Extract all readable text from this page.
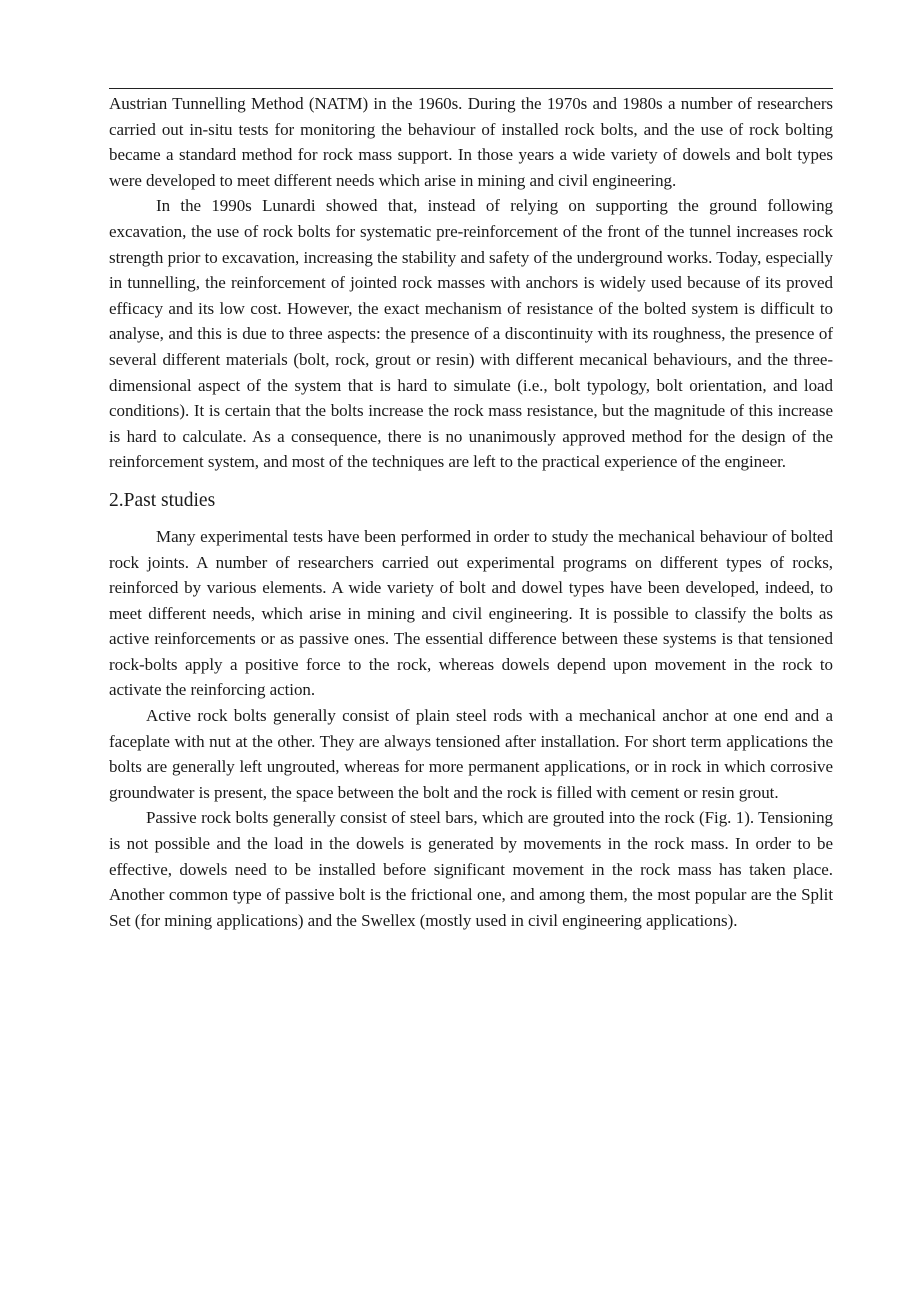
Austrian Tunnelling Method (NATM) in the 1960s. During the 1970s and 1980s a number of researchers carried out in-situ tests for monitoring the behaviour of installed rock bolts, and the use of rock bolting became a standard method for rock mass support. In those years a wide variety of dowels and bolt types were developed to meet different needs which arise in mining and civil engineering.

In the 1990s Lunardi showed that, instead of relying on supporting the ground following excavation, the use of rock bolts for systematic pre-reinforcement of the front of the tunnel increases rock strength prior to excavation, increasing the stability and safety of the underground works. Today, especially in tunnelling, the reinforcement of jointed rock masses with anchors is widely used because of its proved efficacy and its low cost. However, the exact mechanism of resistance of the bolted system is difficult to analyse, and this is due to three aspects: the presence of a discontinuity with its roughness, the presence of several different materials (bolt, rock, grout or resin) with different mecanical behaviours, and the three-dimensional aspect of the system that is hard to simulate (i.e., bolt typology, bolt orientation, and load conditions). It is certain that the bolts increase the rock mass resistance, but the magnitude of this increase is hard to calculate. As a consequence, there is no unanimously approved method for the design of the reinforcement system, and most of the techniques are left to the practical experience of the engineer.

2.Past studies

Many experimental tests have been performed in order to study the mechanical behaviour of bolted rock joints. A number of researchers carried out experimental programs on different types of rocks, reinforced by various elements. A wide variety of bolt and dowel types have been developed, indeed, to meet different needs, which arise in mining and civil engineering. It is possible to classify the bolts as active reinforcements or as passive ones. The essential difference between these systems is that tensioned rock-bolts apply a positive force to the rock, whereas dowels depend upon movement in the rock to activate the reinforcing action.

Active rock bolts generally consist of plain steel rods with a mechanical anchor at one end and a faceplate with nut at the other. They are always tensioned after installation. For short term applications the bolts are generally left ungrouted, whereas for more permanent applications, or in rock in which corrosive groundwater is present, the space between the bolt and the rock is filled with cement or resin grout.

Passive rock bolts generally consist of steel bars, which are grouted into the rock (Fig. 1). Tensioning is not possible and the load in the dowels is generated by movements in the rock mass. In order to be effective, dowels need to be installed before significant movement in the rock mass has taken place. Another common type of passive bolt is the frictional one, and among them, the most popular are the Split Set (for mining applications) and the Swellex (mostly used in civil engineering applications).
